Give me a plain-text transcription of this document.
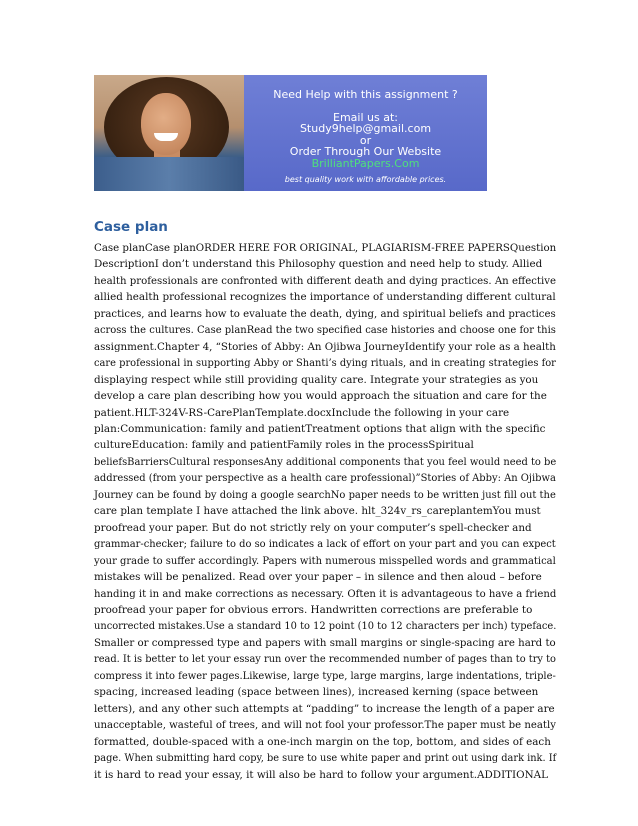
Need Help with this assignment ?
Email us at:
Study9help@gmail.com
or
Order Through Our Website
BrilliantPapers.Com
best quality work with affordable prices.
Case plan
Case planCase planORDER HERE FOR ORIGINAL, PLAGIARISM-FREE PAPERSQuestion
DescriptionI don’t understand this Philosophy question and need help to study. Allied
health professionals are confronted with different death and dying practices. An effective
allied health professional recognizes the importance of understanding different cultural
practices, and learns how to evaluate the death, dying, and spiritual beliefs and practices
across the cultures. Case planRead the two specified case histories and choose one for this
assignment.Chapter 4, “Stories of Abby: An Ojibwa JourneyIdentify your role as a health
care professional in supporting Abby or Shanti’s dying rituals, and in creating strategies for
displaying respect while still providing quality care. Integrate your strategies as you
develop a care plan describing how you would approach the situation and care for the
patient.HLT-324V-RS-CarePlanTemplate.docxInclude the following in your care
plan:Communication: family and patientTreatment options that align with the specific
cultureEducation: family and patientFamily roles in the processSpiritual
beliefsBarriersCultural responsesAny additional components that you feel would need to be
addressed (from your perspective as a health care professional)”Stories of Abby: An Ojibwa
Journey can be found by doing a google searchNo paper needs to be written just fill out the
care plan template I have attached the link above. hlt_324v_rs_careplantemYou must
proofread your paper. But do not strictly rely on your computer’s spell-checker and
grammar-checker; failure to do so indicates a lack of effort on your part and you can expect
your grade to suffer accordingly. Papers with numerous misspelled words and grammatical
mistakes will be penalized. Read over your paper – in silence and then aloud – before
handing it in and make corrections as necessary. Often it is advantageous to have a friend
proofread your paper for obvious errors. Handwritten corrections are preferable to
uncorrected mistakes.Use a standard 10 to 12 point (10 to 12 characters per inch) typeface.
Smaller or compressed type and papers with small margins or single-spacing are hard to
read. It is better to let your essay run over the recommended number of pages than to try to
compress it into fewer pages.Likewise, large type, large margins, large indentations, triple-
spacing, increased leading (space between lines), increased kerning (space between
letters), and any other such attempts at “padding” to increase the length of a paper are
unacceptable, wasteful of trees, and will not fool your professor.The paper must be neatly
formatted, double-spaced with a one-inch margin on the top, bottom, and sides of each
page. When submitting hard copy, be sure to use white paper and print out using dark ink. If
it is hard to read your essay, it will also be hard to follow your argument.ADDITIONAL
